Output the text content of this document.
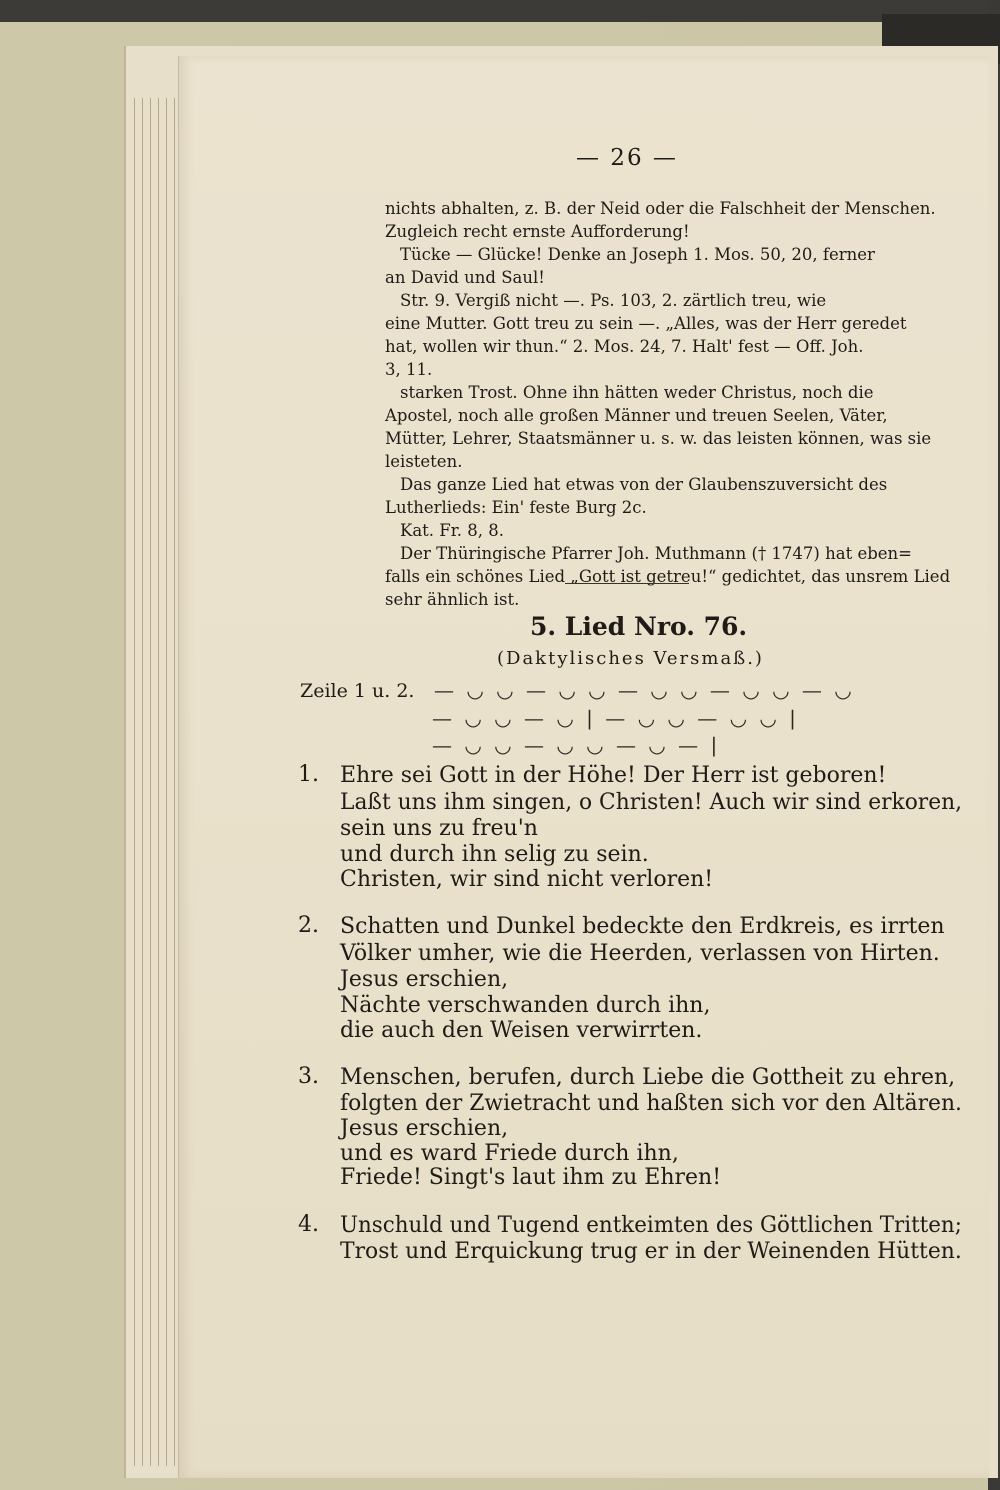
— 26 —
nichts abhalten, z. B. der Neid oder die Falschheit der Menschen.
Zugleich recht ernste Aufforderung!
Tücke — Glücke! Denke an Joseph 1. Mos. 50, 20, ferner
an David und Saul!
Str. 9. Vergiß nicht —. Ps. 103, 2. zärtlich treu, wie
eine Mutter. Gott treu zu sein —. „Alles, was der Herr geredet
hat, wollen wir thun.“ 2. Mos. 24, 7. Halt' fest — Off. Joh.
3, 11.
starken Trost. Ohne ihn hätten weder Christus, noch die
Apostel, noch alle großen Männer und treuen Seelen, Väter,
Mütter, Lehrer, Staatsmänner u. s. w. das leisten können, was sie
leisteten.
Das ganze Lied hat etwas von der Glaubenszuversicht des
Lutherlieds: Ein' feste Burg 2c.
Kat. Fr. 8, 8.
Der Thüringische Pfarrer Joh. Muthmann († 1747) hat eben=
falls ein schönes Lied „Gott ist getreu!“ gedichtet, das unsrem Lied
sehr ähnlich ist.
5. Lied Nro. 76.
(Daktylisches Versmaß.)
Zeile 1 u. 2. — ◡ ◡ — ◡ ◡ — ◡ ◡ — ◡ ◡ — ◡
— ◡ ◡ — ◡ | — ◡ ◡ — ◡ ◡ |
— ◡ ◡ — ◡ ◡ — ◡ — |
1. Ehre sei Gott in der Höhe! Der Herr ist geboren!
Laßt uns ihm singen, o Christen! Auch wir sind erkoren,
sein uns zu freu'n
und durch ihn selig zu sein.
Christen, wir sind nicht verloren!
2. Schatten und Dunkel bedeckte den Erdkreis, es irrten
Völker umher, wie die Heerden, verlassen von Hirten.
Jesus erschien,
Nächte verschwanden durch ihn,
die auch den Weisen verwirrten.
3. Menschen, berufen, durch Liebe die Gottheit zu ehren,
folgten der Zwietracht und haßten sich vor den Altären.
Jesus erschien,
und es ward Friede durch ihn,
Friede! Singt's laut ihm zu Ehren!
4. Unschuld und Tugend entkeimten des Göttlichen Tritten;
Trost und Erquickung trug er in der Weinenden Hütten.
